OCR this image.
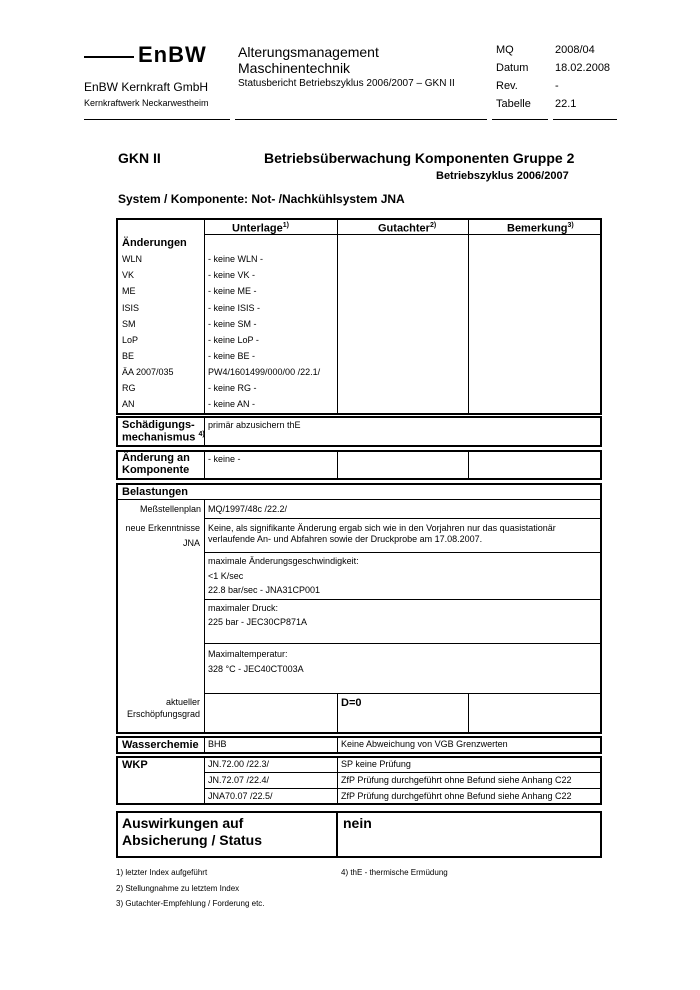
EnBW
EnBW Kernkraft GmbH
Kernkraftwerk Neckarwestheim
Alterungsmanagement
Maschinentechnik
Statusbericht Betriebszyklus 2006/2007 – GKN II
MQ	2008/04
Datum 18.02.2008
Rev.	-
Tabelle 22.1
GKN II	Betriebsüberwachung Komponenten Gruppe 2
Betriebszyklus 2006/2007
System / Komponente: Not- /Nachkühlsystem JNA
Unterlage$^{1)}$	Gutachter$^{2)}$	Bemerkung$^{3)}$
Änderungen
WLN	- keine WLN -
VK	- keine VK -
ME	- keine ME -
ISIS	- keine ISIS -
SM	- keine SM -
LoP	- keine LoP -
BE	- keine BE -
ÄA 2007/035	PW4/1601499/000/00 /22.1/
RG	- keine RG -
AN	- keine AN -
Schädigungs-
mechanismus $^{4)}$
primär abzusichern thE
Änderung an
Komponente
- keine -
Belastungen
Meßstellenplan MQ/1997/48c /22.2/
neue Erkenntnisse
JNA
Keine, als signifikante Änderung ergab sich wie in den Vorjahren nur das quasistationär
verlaufende An- und Abfahren sowie der Druckprobe am 17.08.2007.
maximale Änderungsgeschwindigkeit:
<1 K/sec
22.8 bar/sec - JNA31CP001
maximaler Druck:
225 bar - JEC30CP871A
Maximaltemperatur:
328 °C - JEC40CT003A
aktueller
Erschöpfungsgrad
D=0
Wasserchemie BHB	Keine Abweichung von VGB Grenzwerten
WKP	JN.72.00 /22.3/	SP keine Prüfung
JN.72.07 /22.4/	ZfP Prüfung durchgeführt ohne Befund siehe Anhang C22
JNA70.07 /22.5/	ZfP Prüfung durchgeführt ohne Befund siehe Anhang C22
Auswirkungen auf
Absicherung / Status
nein
1) letzter Index aufgeführt
2) Stellungnahme zu letztem Index
3) Gutachter-Empfehlung / Forderung etc.
4) thE - thermische Ermüdung
